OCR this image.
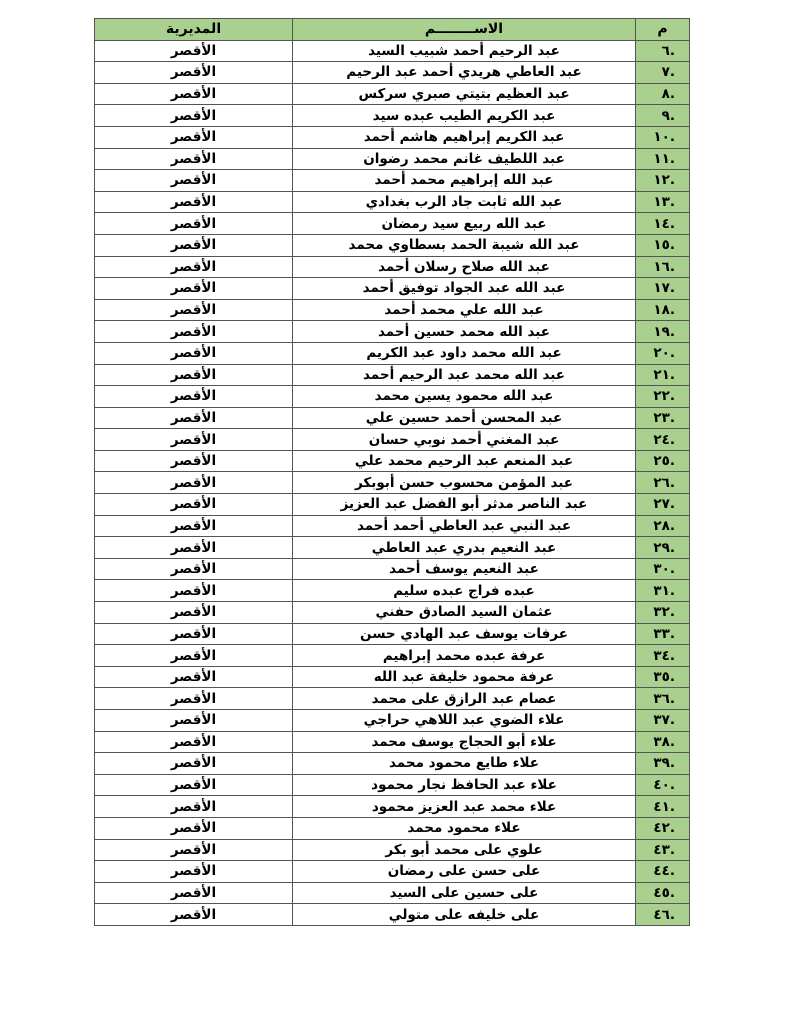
م	الاســــــــم	المديرية
.٦	عبد الرحيم أحمد شبيب السيد	الأقصر
.٧	عبد العاطي هريدي أحمد عبد الرحيم	الأقصر
.٨	عبد العظيم بتيتي صبري سركس	الأقصر
.٩	عبد الكريم الطيب عبده سيد	الأقصر
.١٠	عبد الكريم إبراهيم هاشم أحمد	الأقصر
.١١	عبد اللطيف غانم محمد رضوان	الأقصر
.١٢	عبد الله إبراهيم محمد أحمد	الأقصر
.١٣	عبد الله ثابت جاد الرب بغدادي	الأقصر
.١٤	عبد الله ربيع سيد رمضان	الأقصر
.١٥	عبد الله شيبة الحمد بسطاوي محمد	الأقصر
.١٦	عبد الله صلاح رسلان أحمد	الأقصر
.١٧	عبد الله عبد الجواد توفيق أحمد	الأقصر
.١٨	عبد الله علي محمد أحمد	الأقصر
.١٩	عبد الله محمد حسين أحمد	الأقصر
.٢٠	عبد الله محمد داود عبد الكريم	الأقصر
.٢١	عبد الله محمد عبد الرحيم أحمد	الأقصر
.٢٢	عبد الله محمود يسين محمد	الأقصر
.٢٣	عبد المحسن أحمد حسين علي	الأقصر
.٢٤	عبد المغني أحمد نوبي حسان	الأقصر
.٢٥	عبد المنعم عبد الرحيم محمد علي	الأقصر
.٢٦	عبد المؤمن محسوب حسن أبوبكر	الأقصر
.٢٧	عبد الناصر مدثر أبو الفضل عبد العزيز	الأقصر
.٢٨	عبد النبي عبد العاطي أحمد أحمد	الأقصر
.٢٩	عبد النعيم بدري عبد العاطي	الأقصر
.٣٠	عبد النعيم يوسف أحمد	الأقصر
.٣١	عبده فراج عبده سليم	الأقصر
.٣٢	عثمان السيد الصادق حفني	الأقصر
.٣٣	عرفات يوسف عبد الهادي حسن	الأقصر
.٣٤	عرفة عبده محمد إبراهيم	الأقصر
.٣٥	عرفة محمود خليفة عبد الله	الأقصر
.٣٦	عصام عبد الرازق على محمد	الأقصر
.٣٧	علاء الضوي عبد اللاهي حراجي	الأقصر
.٣٨	علاء أبو الحجاج يوسف محمد	الأقصر
.٣٩	علاء طايع محمود محمد	الأقصر
.٤٠	علاء عبد الحافظ نجار محمود	الأقصر
.٤١	علاء محمد عبد العزيز محمود	الأقصر
.٤٢	علاء محمود محمد	الأقصر
.٤٣	علوي على محمد أبو بكر	الأقصر
.٤٤	على حسن على رمضان	الأقصر
.٤٥	على حسين على السيد	الأقصر
.٤٦	على خليفه على متولي	الأقصر
